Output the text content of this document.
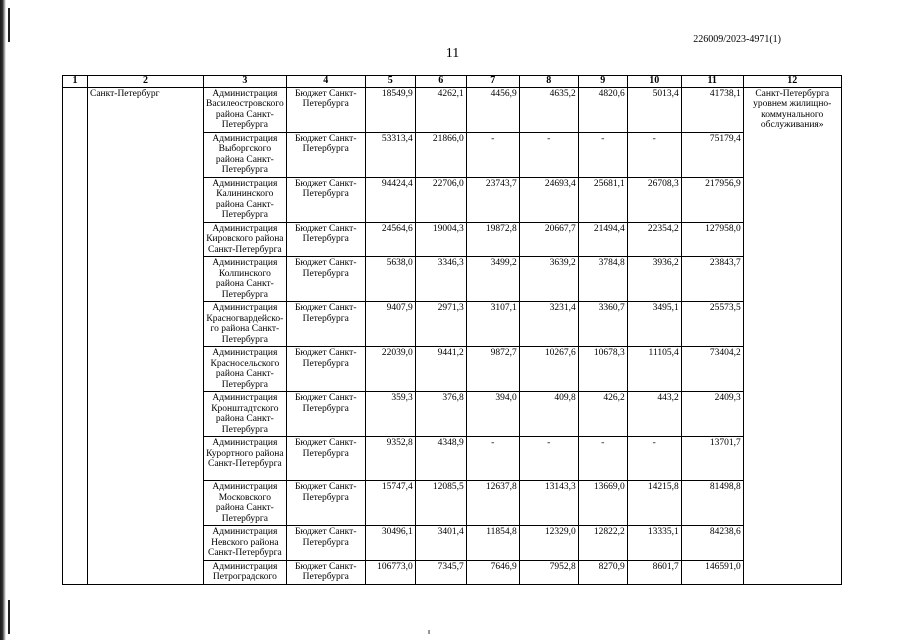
226009/2023-4971(1)
11
1	2	3	4	5	6	7	8	9	10	11	12
	Санкт-Петербург	Администрация Василеостровского района Санкт-Петербурга	Бюджет Санкт-Петербурга	18549,9	4262,1	4456,9	4635,2	4820,6	5013,4	41738,1	Санкт-Петербурга уровнем жилищно-коммунального обслуживания»
		Администрация Выборгского района Санкт-Петербурга	Бюджет Санкт-Петербурга	53313,4	21866,0	-	-	-	-	75179,4	
		Администрация Калининского района Санкт-Петербурга	Бюджет Санкт-Петербурга	94424,4	22706,0	23743,7	24693,4	25681,1	26708,3	217956,9	
		Администрация Кировского района Санкт-Петербурга	Бюджет Санкт-Петербурга	24564,6	19004,3	19872,8	20667,7	21494,4	22354,2	127958,0	
		Администрация Колпинского района Санкт-Петербурга	Бюджет Санкт-Петербурга	5638,0	3346,3	3499,2	3639,2	3784,8	3936,2	23843,7	
		Администрация Красногвардейско-го района Санкт-Петербурга	Бюджет Санкт-Петербурга	9407,9	2971,3	3107,1	3231,4	3360,7	3495,1	25573,5	
		Администрация Красносельского района Санкт-Петербурга	Бюджет Санкт-Петербурга	22039,0	9441,2	9872,7	10267,6	10678,3	11105,4	73404,2	
		Администрация Кронштадтского района Санкт-Петербурга	Бюджет Санкт-Петербурга	359,3	376,8	394,0	409,8	426,2	443,2	2409,3	
		Администрация Курортного района Санкт-Петербурга	Бюджет Санкт-Петербурга	9352,8	4348,9	-	-	-	-	13701,7	
		Администрация Московского района Санкт-Петербурга	Бюджет Санкт-Петербурга	15747,4	12085,5	12637,8	13143,3	13669,0	14215,8	81498,8	
		Администрация Невского района Санкт-Петербурга	Бюджет Санкт-Петербурга	30496,1	3401,4	11854,8	12329,0	12822,2	13335,1	84238,6	
		Администрация Петроградского	Бюджет Санкт-Петербурга	106773,0	7345,7	7646,9	7952,8	8270,9	8601,7	146591,0	
